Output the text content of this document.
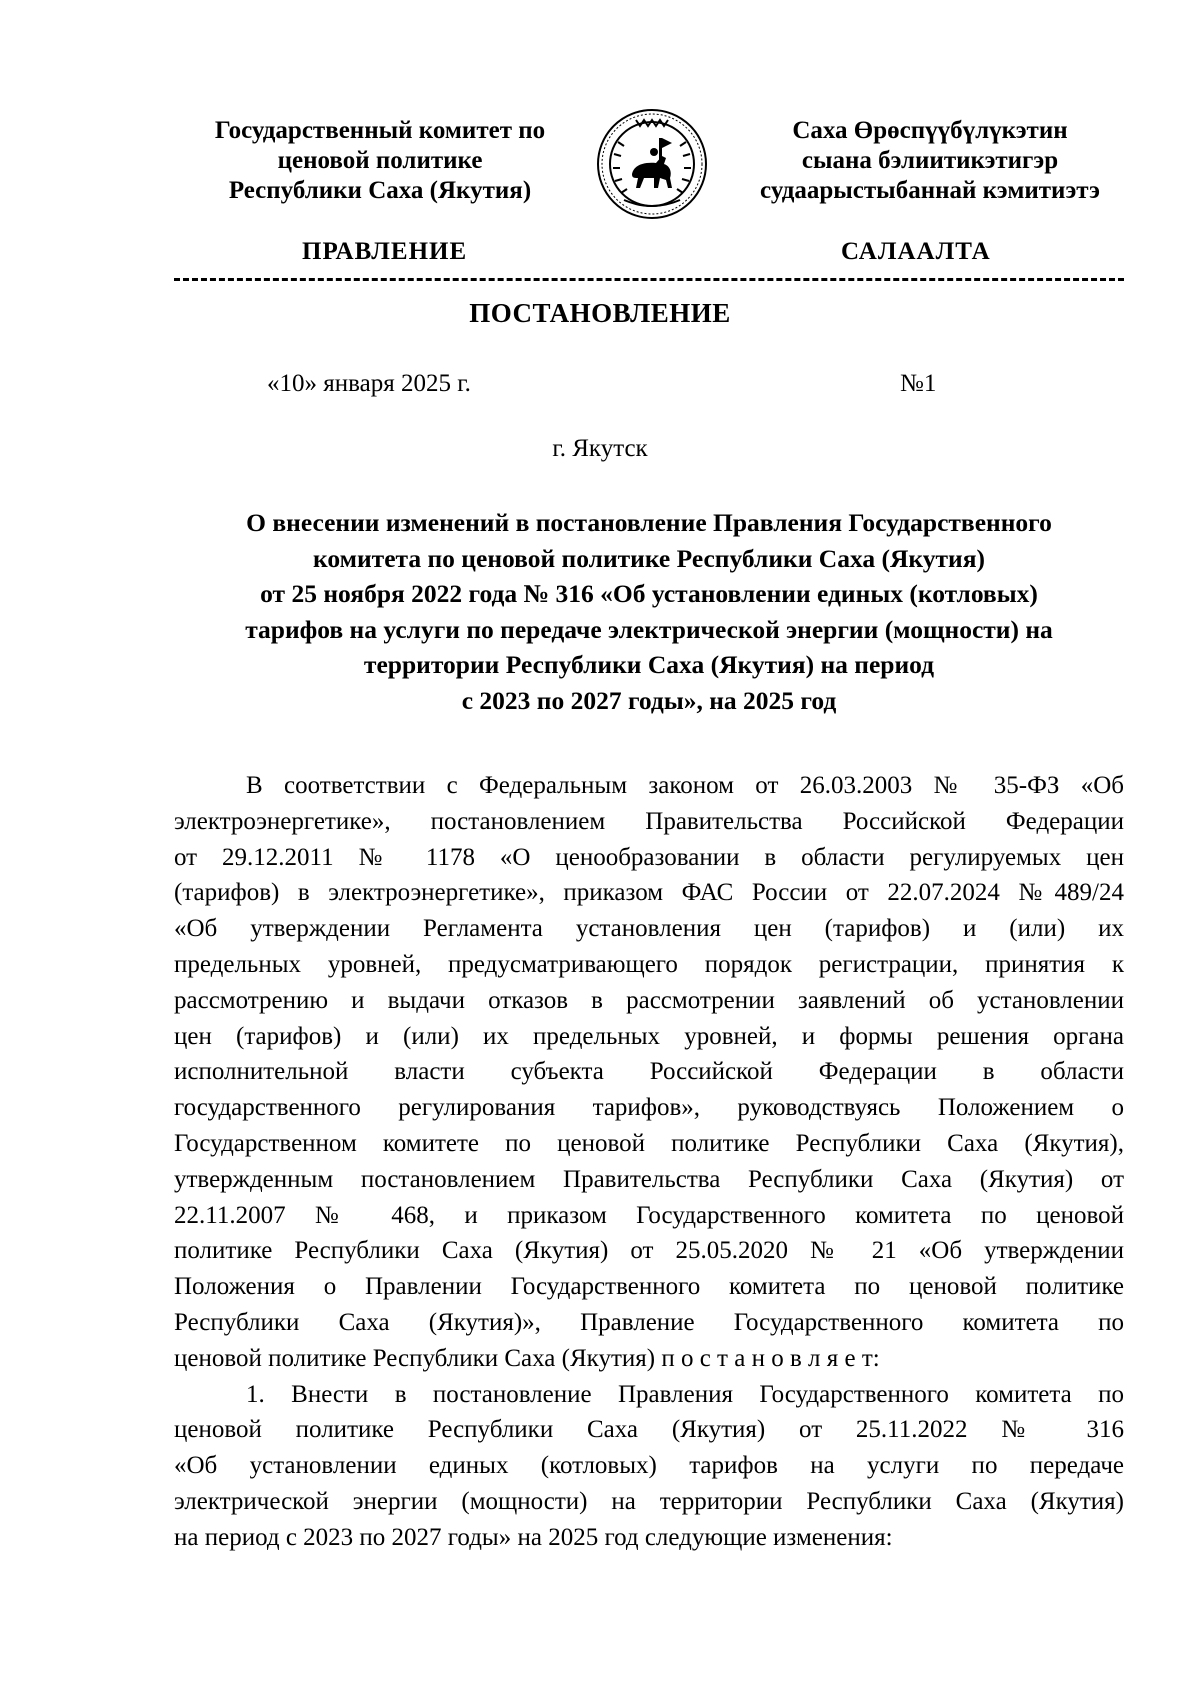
Государственный комитет по
ценовой политике
Республики Саха (Якутия)
Саха Өрөспүүбүлүкэтин
сыана бэлиитикэтигэр
судаарыстыбаннай кэмитиэтэ
ПРАВЛЕНИЕ	САЛААЛТА
ПОСТАНОВЛЕНИЕ
«10» января 2025 г.	№1
г. Якутск
О внесении изменений в постановление Правления Государственного
комитета по ценовой политике Республики Саха (Якутия)
от 25 ноября 2022 года № 316 «Об установлении единых (котловых)
тарифов на услуги по передаче электрической энергии (мощности) на
территории Республики Саха (Якутия) на период
с 2023 по 2027 годы», на 2025 год
В соответствии с Федеральным законом от 26.03.2003 № 35-ФЗ «Об
электроэнергетике», постановлением Правительства Российской Федерации
от 29.12.2011 № 1178 «О ценообразовании в области регулируемых цен
(тарифов) в электроэнергетике», приказом ФАС России от 22.07.2024 №489/24
«Об утверждении Регламента установления цен (тарифов) и (или) их
предельных уровней, предусматривающего порядок регистрации, принятия к
рассмотрению и выдачи отказов в рассмотрении заявлений об установлении
цен (тарифов) и (или) их предельных уровней, и формы решения органа
исполнительной власти субъекта Российской Федерации в области
государственного регулирования тарифов», руководствуясь Положением о
Государственном комитете по ценовой политике Республики Саха (Якутия),
утвержденным постановлением Правительства Республики Саха (Якутия) от
22.11.2007 № 468, и приказом Государственного комитета по ценовой
политике Республики Саха (Якутия) от 25.05.2020 № 21 «Об утверждении
Положения о Правлении Государственного комитета по ценовой политике
Республики Саха (Якутия)», Правление Государственного комитета по
ценовой политике Республики Саха (Якутия) п о с т а н о в л я е т:
1. Внести в постановление Правления Государственного комитета по
ценовой политике Республики Саха (Якутия) от 25.11.2022 № 316
«Об установлении единых (котловых) тарифов на услуги по передаче
электрической энергии (мощности) на территории Республики Саха (Якутия)
на период с 2023 по 2027 годы» на 2025 год следующие изменения:
